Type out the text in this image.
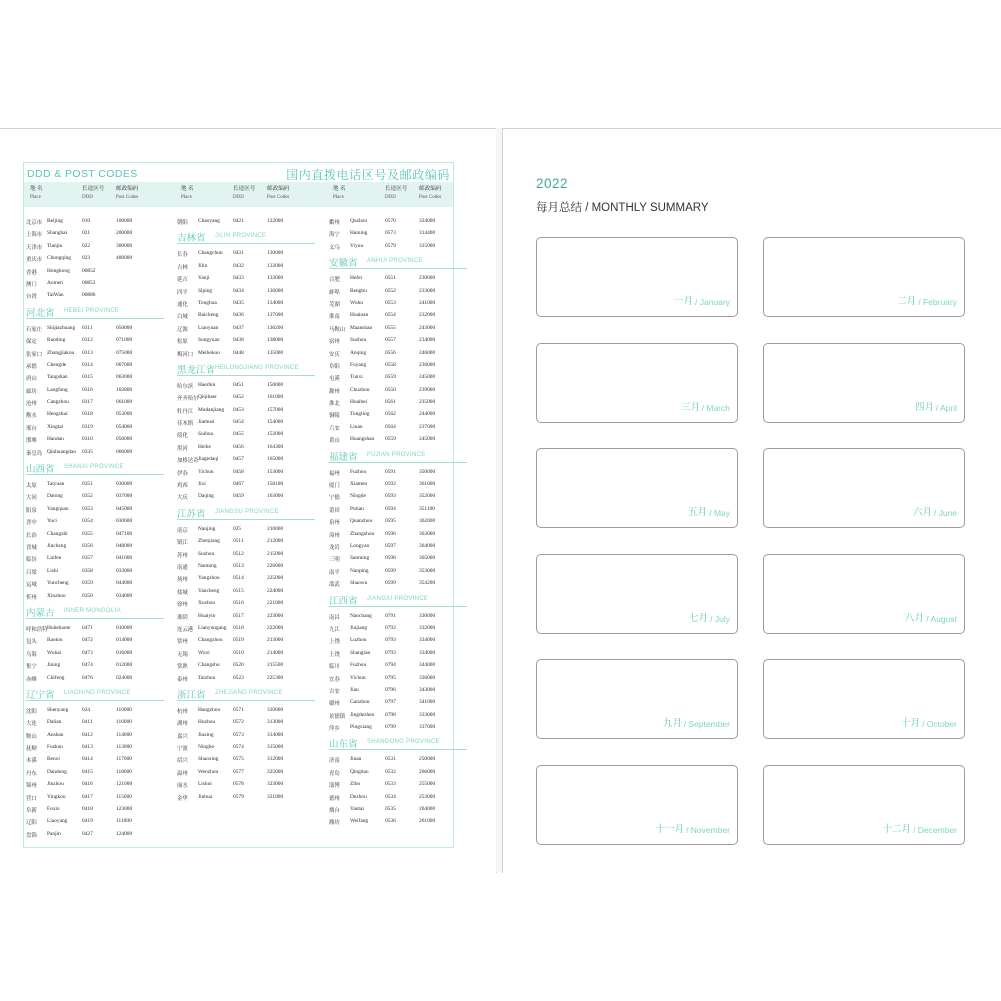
DDD & POST CODES	国内直拨电话区号及邮政编码
地 名
Place
长途区号
DDD
邮政编码
Post Codes
北京市 Beijing	010	100000
上海市 Shanghai	021	200000
天津市 Tianjin	022	300000
重庆市 Chongqing	023	400000
香港	Hongkong	00852
澳门	Aomen	00853
台湾	TaiWan	00886
河北省 HEBEI PROVINCE
石家庄 Shijiazhuang	0311	050000
保定	Baoding	0312	071000
张家口 Zhangjiakou	0313	075000
承德	Chengde	0314	067000
唐山	Tangshan	0315	063000
廊坊	Langfang	0316	102800
沧州	Cangzhou	0317	061000
衡水	Hengshui	0318	053000
邢台	Xingtai	0319	054000
邯郸	Handan	0310	056000
秦皇岛 Qinhuangdao	0335	066000
山西省 SHANXI PROVINCE
太原	Taiyuan	0351	030000
大同	Datong	0352	037000
阳泉	Yangquan	0353	045000
晋中	Yuci	0354	030600
长治	Changzhi	0355	047100
晋城	Jincheng	0356	048000
临汾	Linfen	0357	041000
吕梁	Lishi	0358	033000
运城	Yuncheng	0359	044000
忻州	Xinzhou	0350	034000
内蒙古 INNER MONGOLIA
呼和浩特 Huhehaote	0471	010000
包头	Baotou	0472	014000
乌海	Wuhai	0473	016000
集宁	Jining	0474	012000
赤峰	Chifeng	0476	024000
辽宁省 LIAONING PROVINCE
沈阳	Shenyang	024	110000
大连	Dalian	0411	116000
鞍山	Anshan	0412	114000
抚顺	Fushun	0413	113000
本溪	Benxi	0414	117000
丹东	Dandong	0415	118000
锦州	Jinzhou	0416	121000
营口	Yingkou	0417	115000
阜新	Fuxin	0418	123000
辽阳	Liaoyang	0419	111000
盘锦	Panjin	0427	124000
地 名
Place
长途区号
DDD
邮政编码
Post Codes
朝阳	Chaoyang	0421	122000
吉林省 JILIN PROVINCE
长春	Changchun	0431	130000
吉林	Jilin	0432	132000
延吉	Yanji	0433	133000
四平	Siping	0434	136000
通化	Tonghua	0435	134000
白城	Baicheng	0436	137000
辽源	Liaoyuan	0437	136200
松原	Songyuan	0438	138000
梅河口 Meihekou	0448	135000
黑龙江省 HEILONGJIANG PROVINCE
哈尔滨 Haerbin	0451	150000
齐齐哈尔 Qiqihaer	0452	161000
牡丹江 Mudanjiang	0453	157000
佳木斯 Jiamusi	0454	154000
绥化	Suihua	0455	152000
黑河	Heihe	0456	164300
加格达奇 Jiagedaqi	0457	165000
伊春	Yichun	0458	153000
鸡西	Jixi	0467	158100
大庆	Daqing	0459	163000
江苏省 JIANGSU PROVINCE
南京	Nanjing	025	210000
镇江	Zhenjiang	0511	212000
苏州	Suzhou	0512	215000
南通	Nantong	0513	226000
扬州	Yangzhou	0514	225000
盐城	Yancheng	0515	224000
徐州	Xuzhou	0516	221000
淮阴	Huaiyin	0517	223000
连云港 Lianyungang	0518	222000
常州	Changzhou	0519	213000
无锡	Wuxi	0510	214000
常熟	Changshu	0520	215500
泰州	Taizhou	0523	225300
浙江省 ZHEJIANG PROVINCE
杭州	Hangzhou	0571	310000
湖州	Huzhou	0572	313000
嘉兴	Jiaxing	0573	314000
宁波	Ningbo	0574	315000
绍兴	Shaoxing	0575	312000
温州	Wenzhou	0577	325000
丽水	Lishui	0578	323000
金华	Jinhua	0579	321000
地 名
Place
长途区号
DDD
邮政编码
Post Codes
衢州	Quzhou	0570	324000
海宁	Haining	0573	314400
义乌	Yiyuu	0579	315000
安徽省 ANHUI PROVINCE
合肥	Hefei	0551	230000
蚌埠	Bengbu	0552	233000
芜湖	Wuhu	0553	241000
淮南	Huainan	0554	232000
马鞍山 Maanshan	0555	243000
宿州	Suzhou	0557	234000
安庆	Anqing	0556	246000
阜阳	Fuyang	0558	236000
屯溪	Tunxi	0559	245000
滁州	Chuzhou	0550	239000
淮北	Huaibei	0561	235000
铜陵	Tongling	0562	244000
六安	Liuan	0564	237000
黄山	Huangshan	0559	245000
福建省 FUJIAN PROVINCE
福州	Fuzhou	0591	350000
厦门	Xiamen	0592	361000
宁德	Ningde	0593	352000
莆田	Putian	0594	351100
泉州	Quanzhou	0595	362000
漳州	Zhangzhou	0596	363000
龙岩	Longyan	0597	364000
三明	Sanming	0598	365000
南平	Nanping	0599	353000
邵武	Shaowu	0599	354200
江西省 JIANGXI PROVINCE
南昌	Nanchang	0791	330000
九江	Jiujiang	0792	332000
上饶	Luzhou	0793	334000
上饶	Shangrao	0793	334000
临川	Fuzhou	0794	344000
宜春	Yichun	0795	336000
吉安	Jian	0796	343000
赣州	Ganzhou	0797	341000
景德镇 Jingdezhen	0798	333000
萍乡	Pingxiang	0799	337000
山东省 SHANDONG PROVINCE
济南	Jinan	0531	250000
青岛	Qingdao	0532	266000
淄博	Zibo	0533	255000
德州	Dezhou	0534	253000
烟台	Yantai	0535	264000
潍坊	Weifang	0536	261000
2022
每月总结 / MONTHLY SUMMARY
一月 / January	二月 / February
三月 / March	四月 / April
五月 / May	六月 / June
七月 / July	八月 / August
九月 / September	十月 / October
十一月 / November	十二月 / December
